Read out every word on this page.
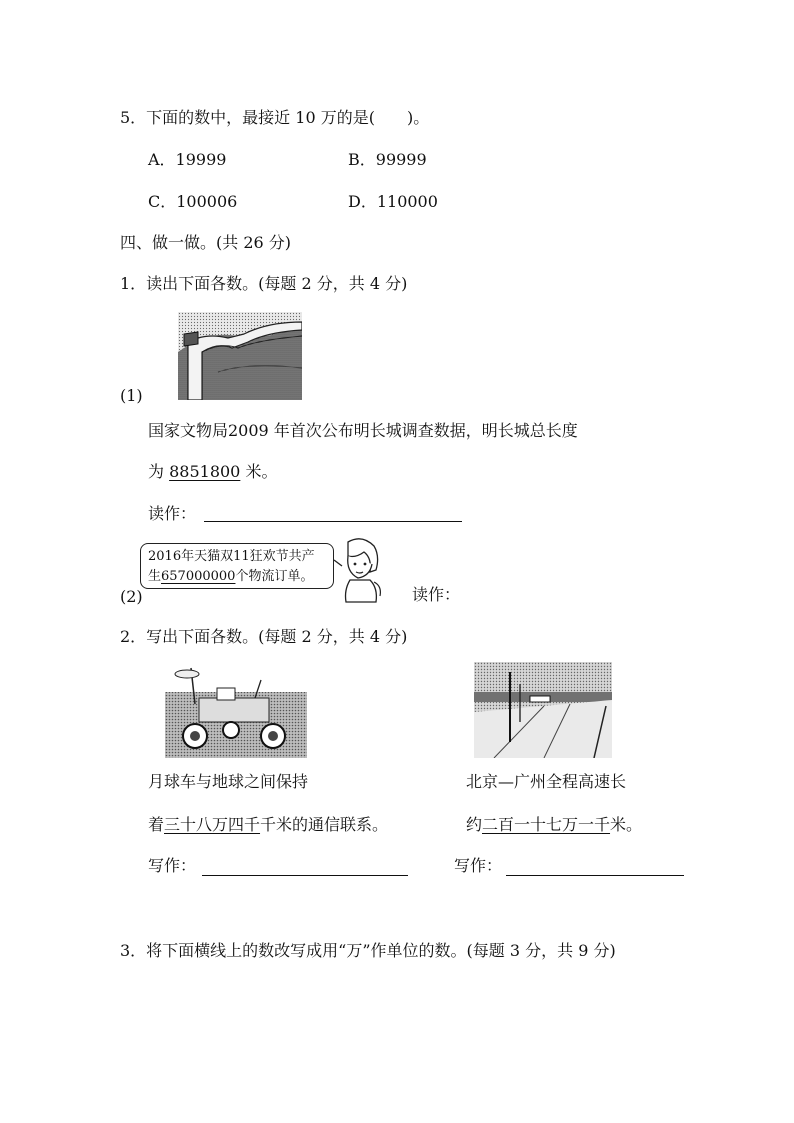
5．下面的数中，最接近 10 万的是(　　)。
A．19999	B．99999
C．100006	D．110000
四、做一做。(共 26 分)
1．读出下面各数。(每题 2 分，共 4 分)
(1)
国家文物局2009 年首次公布明长城调查数据，明长城总长度
为 8851800 米。
读作：
2016年天猫双11狂欢节共产
生657000000个物流订单。
(2)	读作：
2．写出下面各数。(每题 2 分，共 4 分)
月球车与地球之间保持
着三十八万四千千米的通信联系。
写作：
北京—广州全程高速长
约二百一十七万一千米。
写作：
3．将下面横线上的数改写成用“万”作单位的数。(每题 3 分，共 9 分)
